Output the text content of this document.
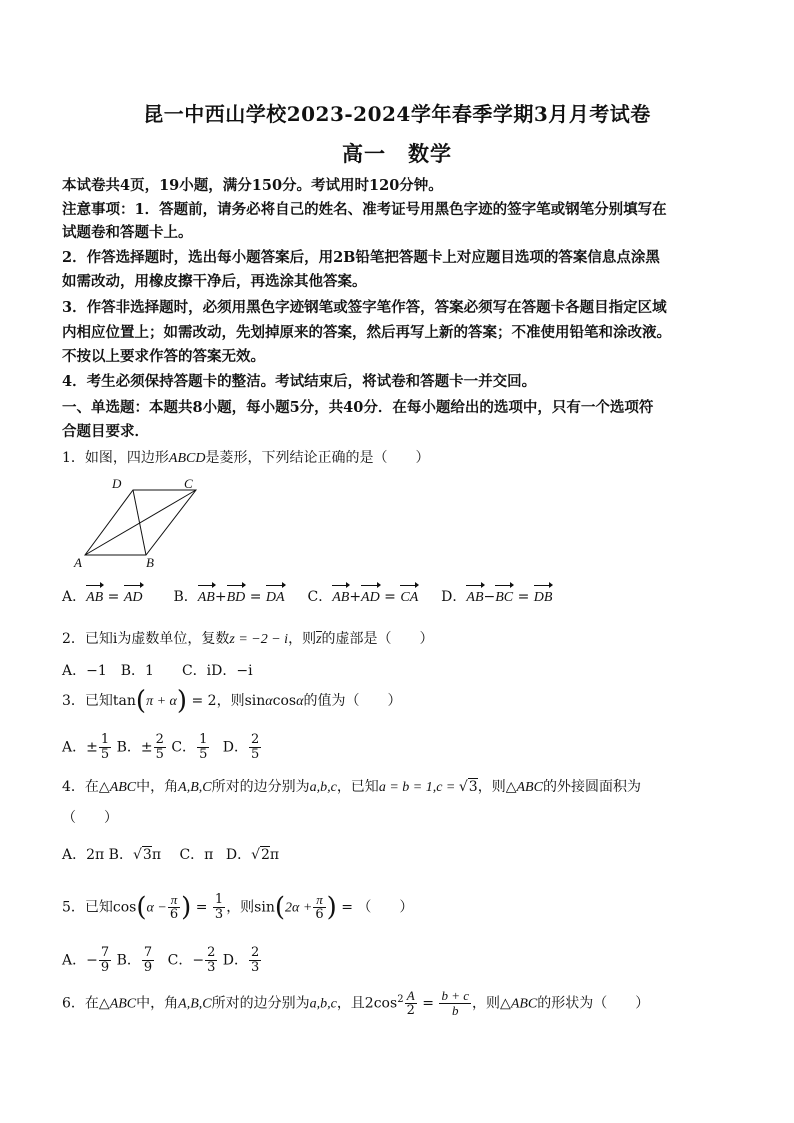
昆一中西山学校2023-2024学年春季学期3月月考试卷
高一　数学
本试卷共4页，19小题，满分150分。考试用时120分钟。
注意事项：1．答题前，请务必将自己的姓名、准考证号用黑色字迹的签字笔或钢笔分别填写在
试题卷和答题卡上。
2．作答选择题时，选出每小题答案后，用2B铅笔把答题卡上对应题目选项的答案信息点涂黑
如需改动，用橡皮擦干净后，再选涂其他答案。
3．作答非选择题时，必须用黑色字迹钢笔或签字笔作答，答案必须写在答题卡各题目指定区域
内相应位置上；如需改动，先划掉原来的答案，然后再写上新的答案；不准使用铅笔和涂改液。
不按以上要求作答的答案无效。
4．考生必须保持答题卡的整洁。考试结束后，将试卷和答题卡一并交回。
一、单选题：本题共8小题，每小题5分，共40分．在每小题给出的选项中，只有一个选项符
合题目要求．
1．如图，四边形ABCD是菱形，下列结论正确的是（　　）
A	B
C
D
A．AB = AD B．AB+BD = DA C．AB+AD = CA D．AB−BC = DB
2．已知i为虚数单位，复数z = −2 − i，则z的虚部是（　　）
A．−1　B．1　　C．iD．−i
3．已知tan(π + α) = 2，则sinαcosα的值为（　　）
A．± $\frac{1}{5}$ B．± $\frac{2}{5}$ C． $\frac{1}{5}$ D． $\frac{2}{5}$
4．在△ABC中，角A,B,C所对的边分别为a,b,c，已知a = b = 1,c = √3，则△ABC的外接圆面积为
（　　）
A．2π B．√3π C．π D．√2π
5．已知$\cos(\alpha - \frac{\pi}{6}$ ) = $\frac{1}{3}$ ，则$\sin(2\alpha + \frac{\pi}{6}$ ) = （　　）
A．− $\frac{7}{9}$ B． $\frac{7}{9}$ C．− $\frac{2}{3}$ D． $\frac{2}{3}$
6．在△ABC中，角A,B,C所对的边分别为a,b,c，且$2\cos^2 \frac{A}{2} = \frac{b + c}{b}$ ，则△ABC的形状为（　　）
